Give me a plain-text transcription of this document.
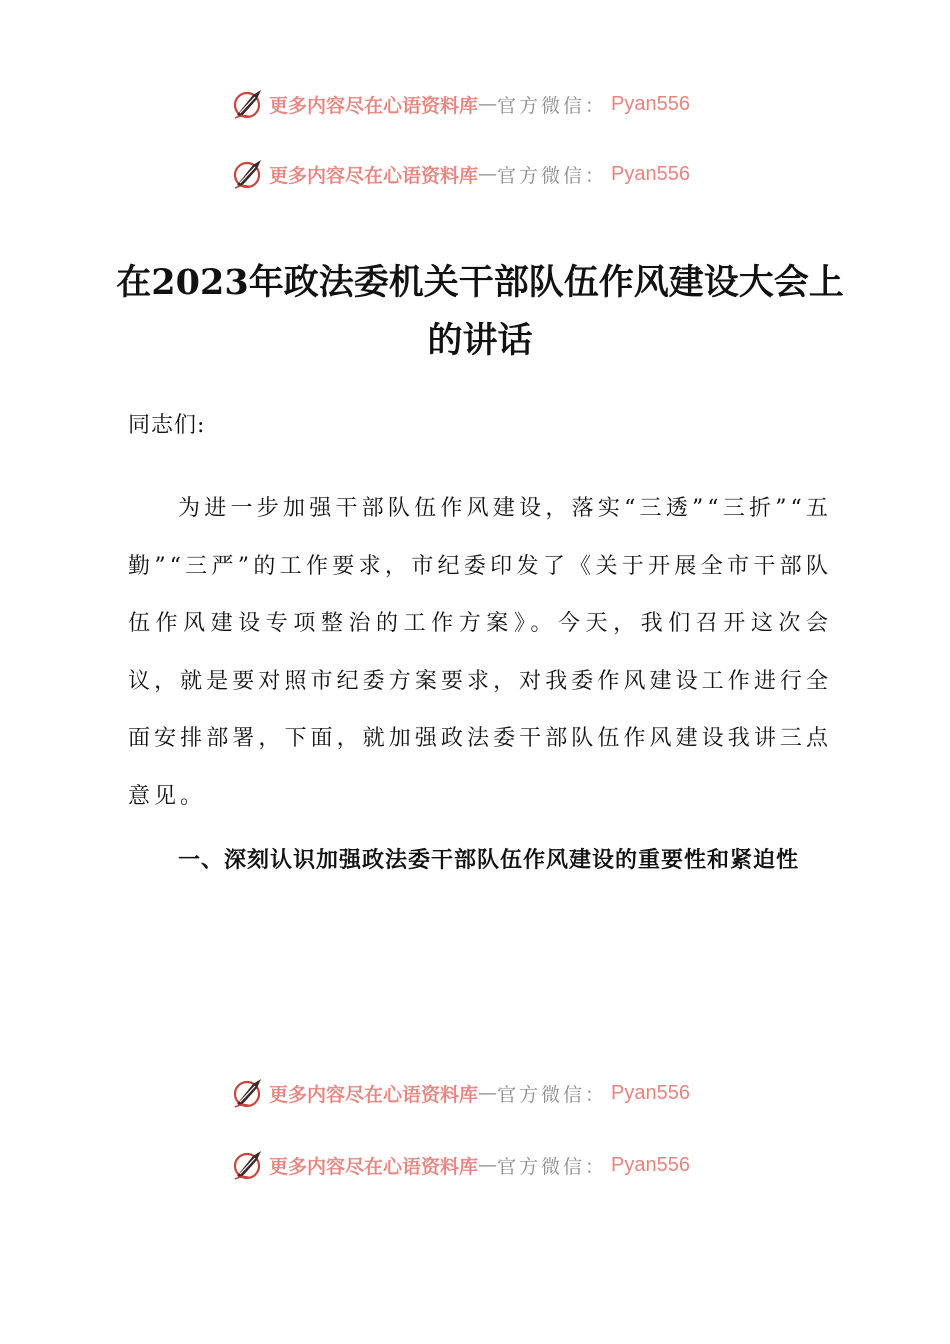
更多内容尽在心语资料库 — 官方微信： Pyan556
更多内容尽在心语资料库 — 官方微信： Pyan556
在2023年政法委机关干部队伍作风建设大会上的讲话

同志们:

为进一步加强干部队伍作风建设，落实“三透”“三折”“五勤”“三严”的工作要求，市纪委印发了《关于开展全市干部队伍作风建设专项整治的工作方案》。今天，我们召开这次会议，就是要对照市纪委方案要求，对我委作风建设工作进行全面安排部署，下面，就加强政法委干部队伍作风建设我讲三点意见。

一、深刻认识加强政法委干部队伍作风建设的重要性和紧迫性

更多内容尽在心语资料库 — 官方微信： Pyan556
更多内容尽在心语资料库 — 官方微信： Pyan556
